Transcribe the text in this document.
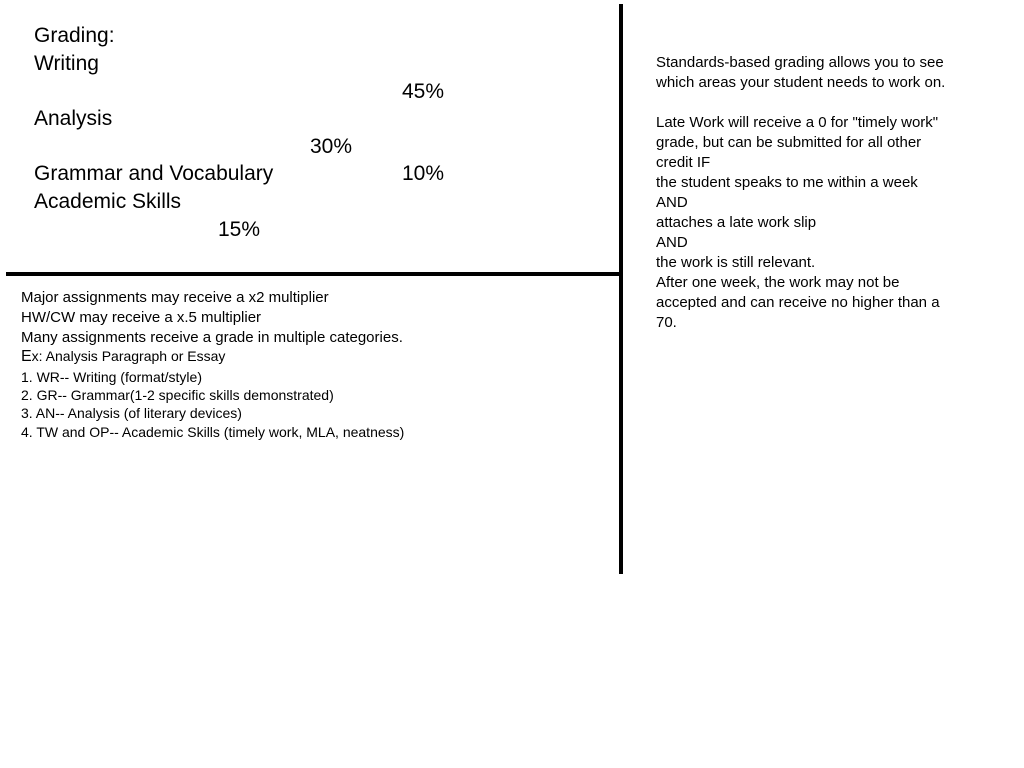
Grading:
Writing
45%
Analysis
30%
Grammar and Vocabulary	10%
Academic Skills
15%
Major assignments may receive a x2 multiplier
HW/CW may receive a x.5 multiplier
Many assignments receive a grade in multiple categories.
Ex: Analysis Paragraph or Essay
1. WR-- Writing (format/style)
2. GR-- Grammar(1-2 specific skills demonstrated)
3. AN-- Analysis (of literary devices)
4. TW and OP-- Academic Skills (timely work, MLA, neatness)
Standards-based grading allows you to see
which areas your student needs to work on.
Late Work will receive a 0 for "timely work"
grade, but can be submitted for all other
credit IF
the student speaks to me within a week
AND
attaches a late work slip
AND
the work is still relevant.
After one week, the work may not be
accepted and can receive no higher than a
70.
